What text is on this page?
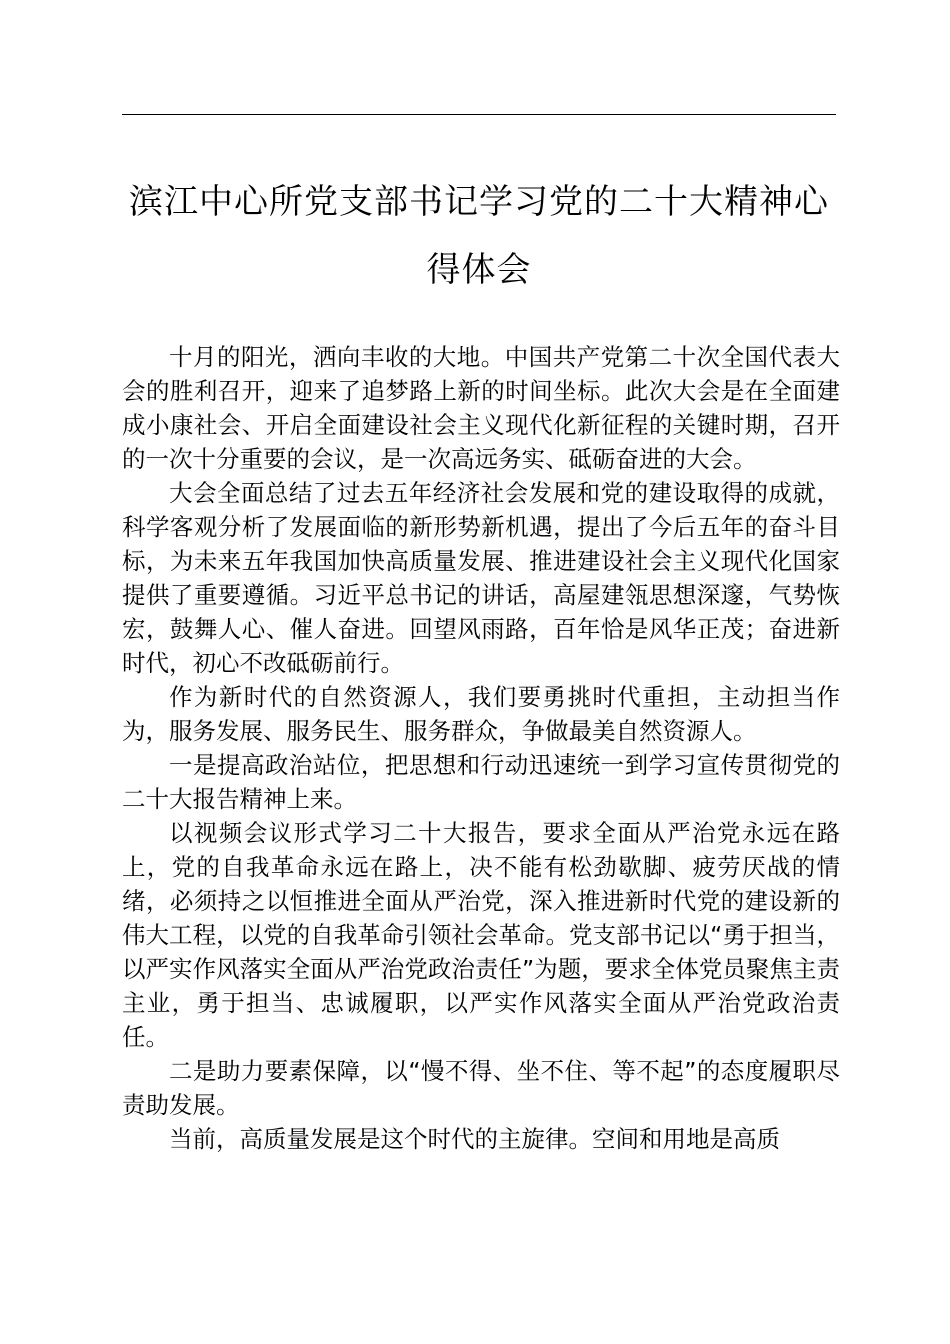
滨江中心所党支部书记学习党的二十大精神心得体会

十月的阳光，洒向丰收的大地。中国共产党第二十次全国代表大会的胜利召开，迎来了追梦路上新的时间坐标。此次大会是在全面建成小康社会、开启全面建设社会主义现代化新征程的关键时期，召开的一次十分重要的会议，是一次高远务实、砥砺奋进的大会。

大会全面总结了过去五年经济社会发展和党的建设取得的成就，科学客观分析了发展面临的新形势新机遇，提出了今后五年的奋斗目标，为未来五年我国加快高质量发展、推进建设社会主义现代化国家提供了重要遵循。习近平总书记的讲话，高屋建瓴思想深邃，气势恢宏，鼓舞人心、催人奋进。回望风雨路，百年恰是风华正茂；奋进新时代，初心不改砥砺前行。

作为新时代的自然资源人，我们要勇挑时代重担，主动担当作为，服务发展、服务民生、服务群众，争做最美自然资源人。

一是提高政治站位，把思想和行动迅速统一到学习宣传贯彻党的二十大报告精神上来。

以视频会议形式学习二十大报告，要求全面从严治党永远在路上，党的自我革命永远在路上，决不能有松劲歇脚、疲劳厌战的情绪，必须持之以恒推进全面从严治党，深入推进新时代党的建设新的伟大工程，以党的自我革命引领社会革命。党支部书记以“勇于担当，以严实作风落实全面从严治党政治责任”为题，要求全体党员聚焦主责主业，勇于担当、忠诚履职，以严实作风落实全面从严治党政治责任。

二是助力要素保障，以“慢不得、坐不住、等不起”的态度履职尽责助发展。

当前，高质量发展是这个时代的主旋律。空间和用地是高质
